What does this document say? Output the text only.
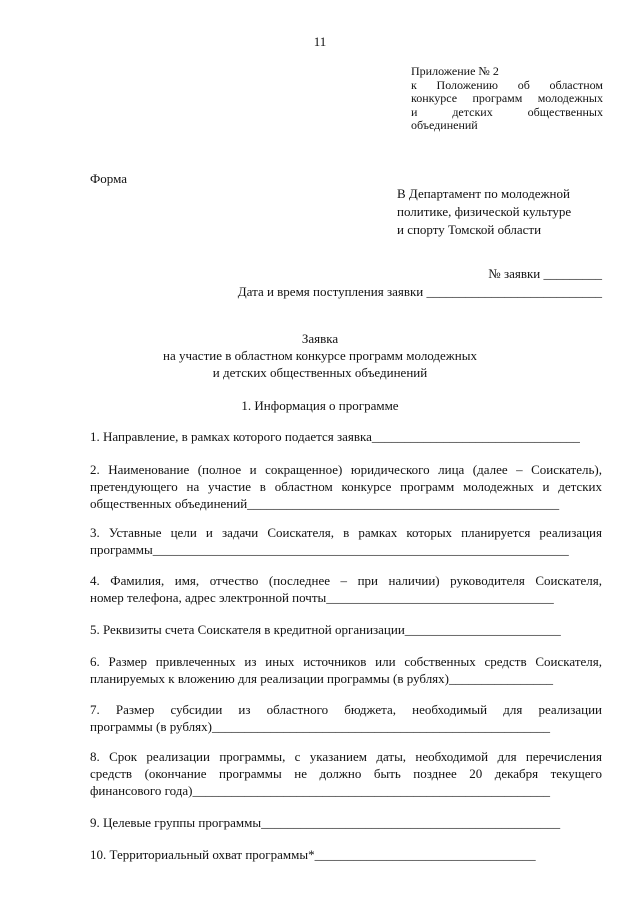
11
Приложение № 2
к Положению об областном
конкурсе программ молодежных
и детских общественных
объединений
Форма
В Департамент по молодежной
политике, физической культуре
и спорту Томской области
№ заявки _________
Дата и время поступления заявки ___________________________
Заявка
на участие в областном конкурсе программ молодежных
и детских общественных объединений
1. Информация о программе
1. Направление, в рамках которого подается заявка________________________________
2. Наименование (полное и сокращенное) юридического лица (далее – Соискатель),
претендующего на участие в областном конкурсе программ молодежных и детских
общественных объединений________________________________________________
3. Уставные цели и задачи Соискателя, в рамках которых планируется реализация
программы________________________________________________________________
4. Фамилия, имя, отчество (последнее – при наличии) руководителя Соискателя,
номер телефона, адрес электронной почты___________________________________
5. Реквизиты счета Соискателя в кредитной организации________________________
6. Размер привлеченных из иных источников или собственных средств Соискателя,
планируемых к вложению для реализации программы (в рублях)________________
7. Размер субсидии из областного бюджета, необходимый для реализации
программы (в рублях)____________________________________________________
8. Срок реализации программы, с указанием даты, необходимой для перечисления
средств (окончание программы не должно быть позднее 20 декабря текущего
финансового года)_______________________________________________________
9. Целевые группы программы______________________________________________
10. Территориальный охват программы*__________________________________
